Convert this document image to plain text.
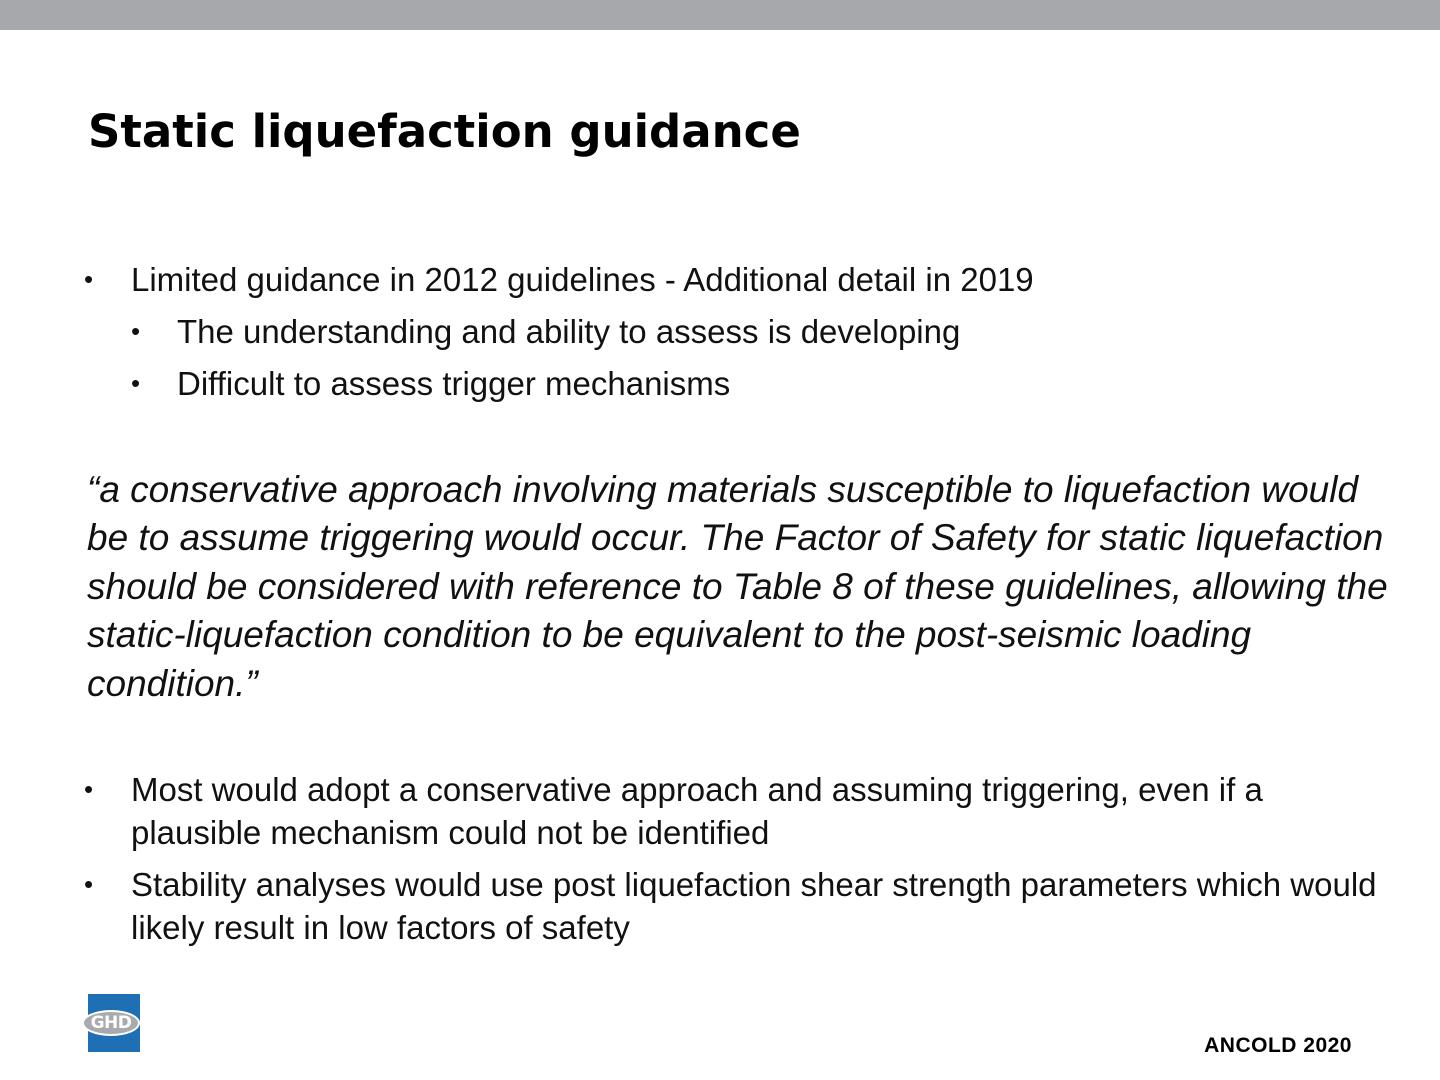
Static liquefaction guidance
• Limited guidance in 2012 guidelines - Additional detail in 2019
• The understanding and ability to assess is developing
• Difficult to assess trigger mechanisms

“a conservative approach involving materials susceptible to liquefaction would be to assume triggering would occur. The Factor of Safety for static liquefaction should be considered with reference to Table 8 of these guidelines, allowing the static-liquefaction condition to be equivalent to the post-seismic loading condition.”

• Most would adopt a conservative approach and assuming triggering, even if a plausible mechanism could not be identified
• Stability analyses would use post liquefaction shear strength parameters which would likely result in low factors of safety
GHD
ANCOLD 2020
